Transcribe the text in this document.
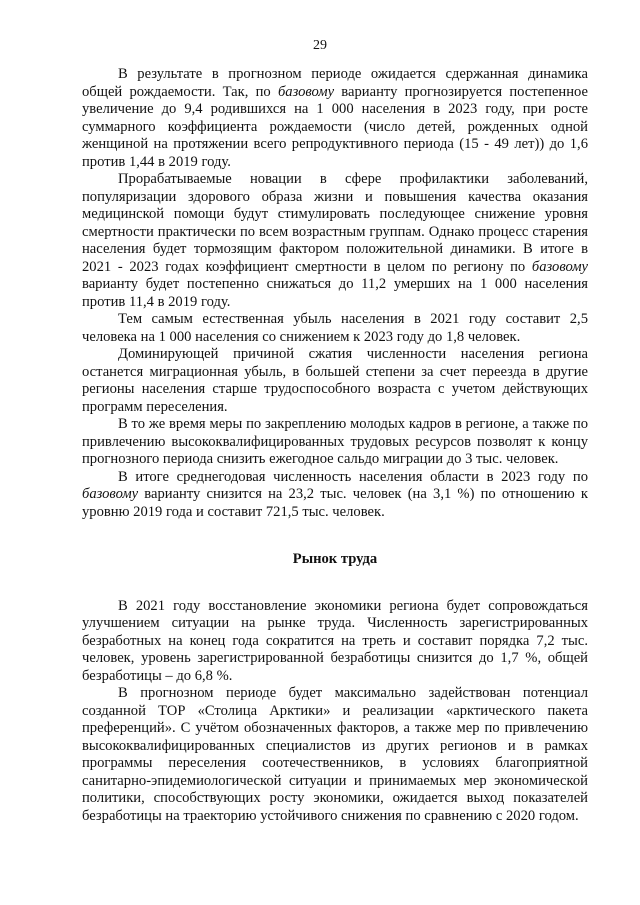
29

В результате в прогнозном периоде ожидается сдержанная динамика общей рождаемости. Так, по базовому варианту прогнозируется постепенное увеличение до 9,4 родившихся на 1 000 населения в 2023 году, при росте суммарного коэффициента рождаемости (число детей, рожденных одной женщиной на протяжении всего репродуктивного периода (15 - 49 лет)) до 1,6 против 1,44 в 2019 году.

Прорабатываемые новации в сфере профилактики заболеваний, популяризации здорового образа жизни и повышения качества оказания медицинской помощи будут стимулировать последующее снижение уровня смертности практически по всем возрастным группам. Однако процесс старения населения будет тормозящим фактором положительной динамики. В итоге в 2021 - 2023 годах коэффициент смертности в целом по региону по базовому варианту будет постепенно снижаться до 11,2 умерших на 1 000 населения против 11,4 в 2019 году.

Тем самым естественная убыль населения в 2021 году составит 2,5 человека на 1 000 населения со снижением к 2023 году до 1,8 человек.

Доминирующей причиной сжатия численности населения региона останется миграционная убыль, в большей степени за счет переезда в другие регионы населения старше трудоспособного возраста с учетом действующих программ переселения.

В то же время меры по закреплению молодых кадров в регионе, а также по привлечению высококвалифицированных трудовых ресурсов позволят к концу прогнозного периода снизить ежегодное сальдо миграции до 3 тыс. человек.

В итоге среднегодовая численность населения области в 2023 году по базовому варианту снизится на 23,2 тыс. человек (на 3,1 %) по отношению к уровню 2019 года и составит 721,5 тыс. человек.

Рынок труда

В 2021 году восстановление экономики региона будет сопровождаться улучшением ситуации на рынке труда. Численность зарегистрированных безработных на конец года сократится на треть и составит порядка 7,2 тыс. человек, уровень зарегистрированной безработицы снизится до 1,7 %, общей безработицы – до 6,8 %.

В прогнозном периоде будет максимально задействован потенциал созданной ТОР «Столица Арктики» и реализации «арктического пакета преференций». С учётом обозначенных факторов, а также мер по привлечению высококвалифицированных специалистов из других регионов и в рамках программы переселения соотечественников, в условиях благоприятной санитарно-эпидемиологической ситуации и принимаемых мер экономической политики, способствующих росту экономики, ожидается выход показателей безработицы на траекторию устойчивого снижения по сравнению с 2020 годом.
